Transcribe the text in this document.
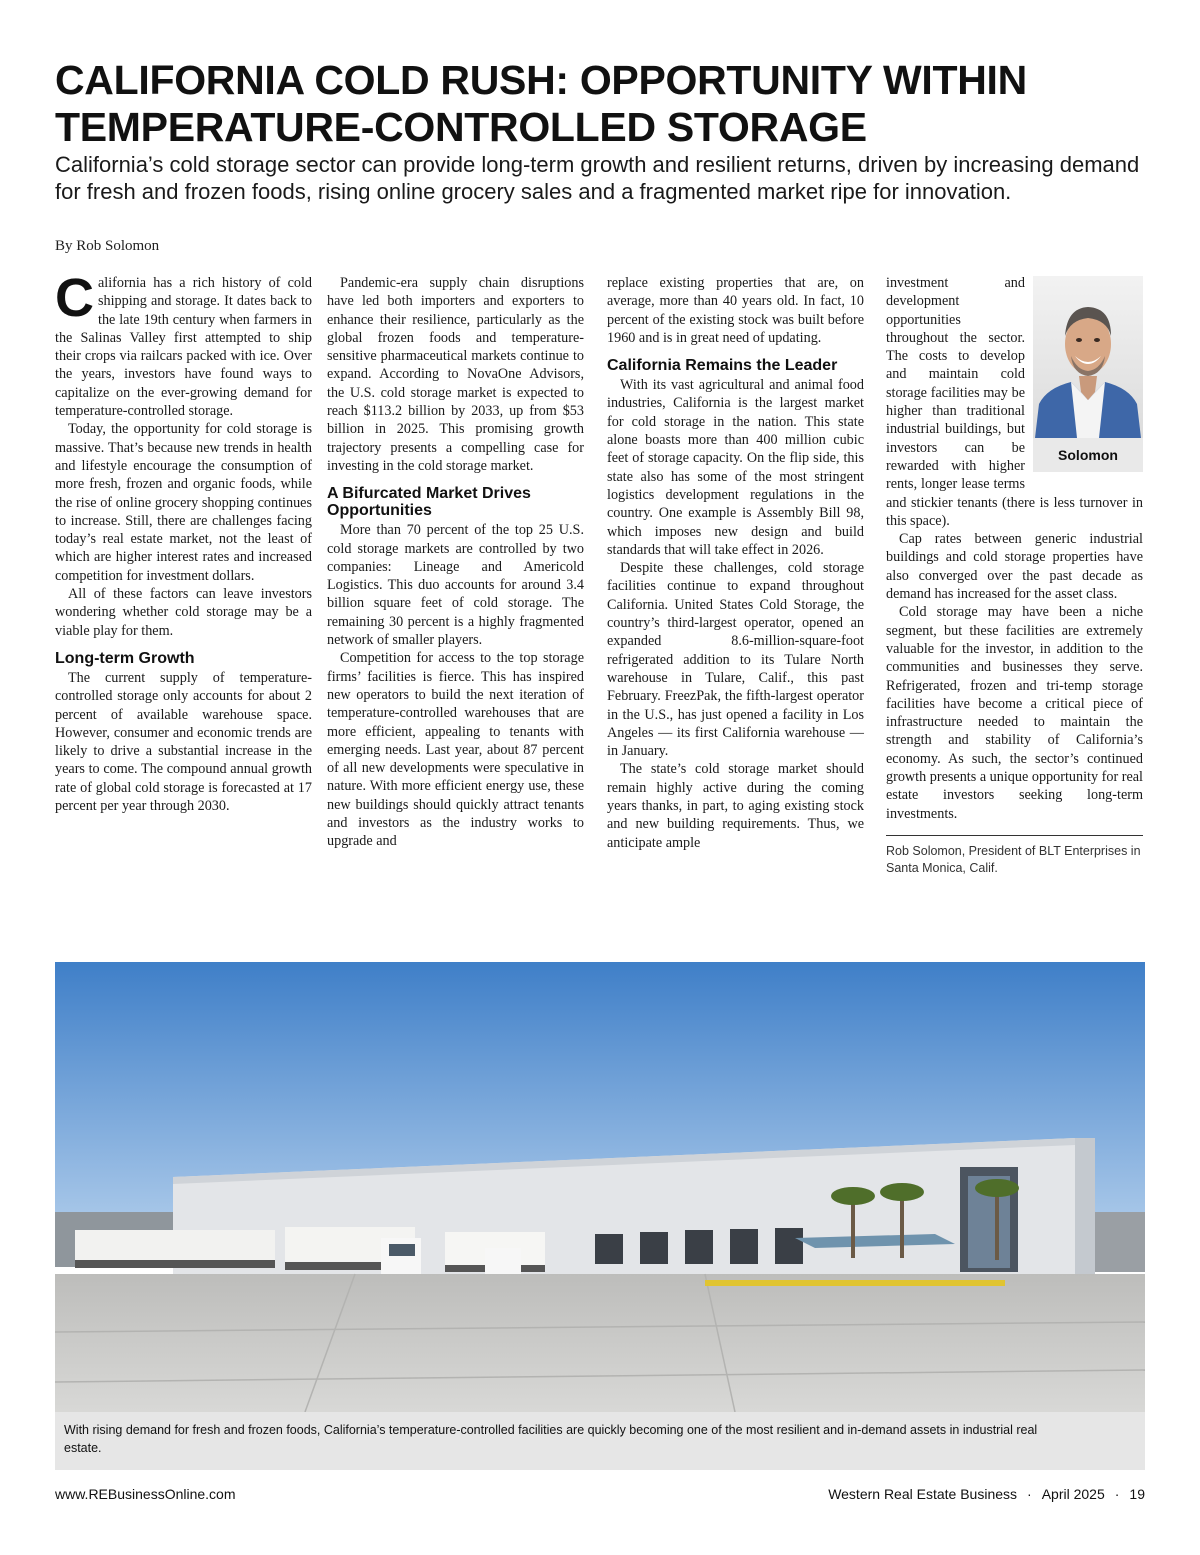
CALIFORNIA COLD RUSH: OPPORTUNITY WITHIN TEMPERATURE-CONTROLLED STORAGE

California’s cold storage sector can provide long-term growth and resilient returns, driven by increasing demand for fresh and frozen foods, rising online grocery sales and a fragmented market ripe for innovation.

By Rob Solomon

California has a rich history of cold shipping and storage. It dates back to the late 19th century when farmers in the Salinas Valley first attempted to ship their crops via railcars packed with ice. Over the years, investors have found ways to capitalize on the ever-growing demand for temperature-controlled storage.

Today, the opportunity for cold storage is massive. That’s because new trends in health and lifestyle encourage the consumption of more fresh, frozen and organic foods, while the rise of online grocery shopping continues to increase. Still, there are challenges facing today’s real estate market, not the least of which are higher interest rates and increased competition for investment dollars.

All of these factors can leave investors wondering whether cold storage may be a viable play for them.

Long-term Growth

The current supply of temperature-controlled storage only accounts for about 2 percent of available warehouse space. However, consumer and economic trends are likely to drive a substantial increase in the years to come. The compound annual growth rate of global cold storage is forecasted at 17 percent per year through 2030.

Pandemic-era supply chain disruptions have led both importers and exporters to enhance their resilience, particularly as the global frozen foods and temperature-sensitive pharmaceutical markets continue to expand. According to NovaOne Advisors, the U.S. cold storage market is expected to reach $113.2 billion by 2033, up from $53 billion in 2025. This promising growth trajectory presents a compelling case for investing in the cold storage market.

A Bifurcated Market Drives Opportunities

More than 70 percent of the top 25 U.S. cold storage markets are controlled by two companies: Lineage and Americold Logistics. This duo accounts for around 3.4 billion square feet of cold storage. The remaining 30 percent is a highly fragmented network of smaller players.

Competition for access to the top storage firms’ facilities is fierce. This has inspired new operators to build the next iteration of temperature-controlled warehouses that are more efficient, appealing to tenants with emerging needs. Last year, about 87 percent of all new developments were speculative in nature. With more efficient energy use, these new buildings should quickly attract tenants and investors as the industry works to upgrade and

replace existing properties that are, on average, more than 40 years old. In fact, 10 percent of the existing stock was built before 1960 and is in great need of updating.

California Remains the Leader

With its vast agricultural and animal food industries, California is the largest market for cold storage in the nation. This state alone boasts more than 400 million cubic feet of storage capacity. On the flip side, this state also has some of the most stringent logistics development regulations in the country. One example is Assembly Bill 98, which imposes new design and build standards that will take effect in 2026.

Despite these challenges, cold storage facilities continue to expand throughout California. United States Cold Storage, the country’s third-largest operator, opened an expanded 8.6-million-square-foot refrigerated addition to its Tulare North warehouse in Tulare, Calif., this past February. FreezPak, the fifth-largest operator in the U.S., has just opened a facility in Los Angeles — its first California warehouse — in January.

The state’s cold storage market should remain highly active during the coming years thanks, in part, to aging existing stock and new building requirements. Thus, we anticipate ample

Solomon

investment and development opportunities throughout the sector. The costs to develop and maintain cold storage facilities may be higher than traditional industrial buildings, but investors can be rewarded with higher rents, longer lease terms and stickier tenants (there is less turnover in this space).

Cap rates between generic industrial buildings and cold storage properties have also converged over the past decade as demand has increased for the asset class.

Cold storage may have been a niche segment, but these facilities are extremely valuable for the investor, in addition to the communities and businesses they serve. Refrigerated, frozen and tri-temp storage facilities have become a critical piece of infrastructure needed to maintain the strength and stability of California’s economy. As such, the sector’s continued growth presents a unique opportunity for real estate investors seeking long-term investments.

Rob Solomon, President of BLT Enterprises in Santa Monica, Calif.
With rising demand for fresh and frozen foods, California’s temperature-controlled facilities are quickly becoming one of the most resilient and in-demand assets in industrial real estate.
www.REBusinessOnline.com	Western Real Estate Business · April 2025 · 19
